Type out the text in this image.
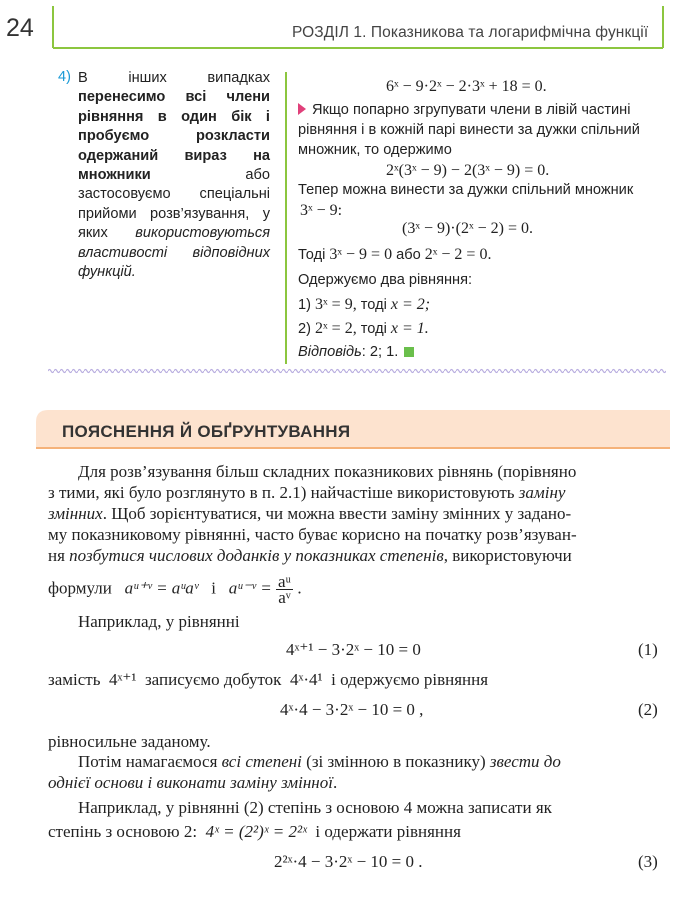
24	РОЗДІЛ 1. Показникова та логарифмічна функції
4) В інших випадках перенесимо всі члени рівняння в один бік і пробуємо розкласти одержаний вираз на множники	або застосовуємо спеціальні прийоми розв’язування, у яких використовуються властивості відповідних функцій.
6ˣ − 9·2ˣ − 2·3ˣ + 18 = 0.
Якщо попарно згрупувати члени в лівій частині рівняння і в кожній парі винести за дужки спільний множник, то одержимо
2ˣ(3ˣ − 9) − 2(3ˣ − 9) = 0.
Тепер можна винести за дужки спільний множник
3ˣ − 9:
(3ˣ − 9)·(2ˣ − 2) = 0.
Тоді 3ˣ − 9 = 0 або 2ˣ − 2 = 0.
Одержуємо два рівняння:
1) 3ˣ = 9, тоді x = 2;
2) 2ˣ = 2, тоді x = 1.
Відповідь: 2; 1.
ПОЯСНЕННЯ Й ОБҐРУНТУВАННЯ
Для розв’язування більш складних показникових рівнянь (порівняно
з тими, які було розглянуто в п. 2.1) найчастіше використовують заміну
змінних. Щоб зорієнтуватися, чи можна ввести заміну змінних у задано-
му показниковому рівнянні, часто буває корисно на початку розв’язуван-
ня позбутися числових доданків у показниках степенів, використовуючи
формули aᵘ⁺ᵛ = aᵘaᵛ і aᵘ⁻ᵛ = $\frac{\text{aᵘ}}{\text{aᵛ}}$ .
Наприклад, у рівнянні
4ˣ⁺¹ − 3·2ˣ − 10 = 0	(1)
замість 4ˣ⁺¹ записуємо добуток 4ˣ·4¹ і одержуємо рівняння
4ˣ·4 − 3·2ˣ − 10 = 0 ,	(2)
рівносильне заданому.
Потім намагаємося всі степені (зі змінною в показнику) звести до
однієї основи і виконати заміну змінної.
Наприклад, у рівнянні (2) степінь з основою 4 можна записати як
степінь з основою 2: 4ˣ = (2²)ˣ = 2²ˣ і одержати рівняння
2²ˣ·4 − 3·2ˣ − 10 = 0 .	(3)
